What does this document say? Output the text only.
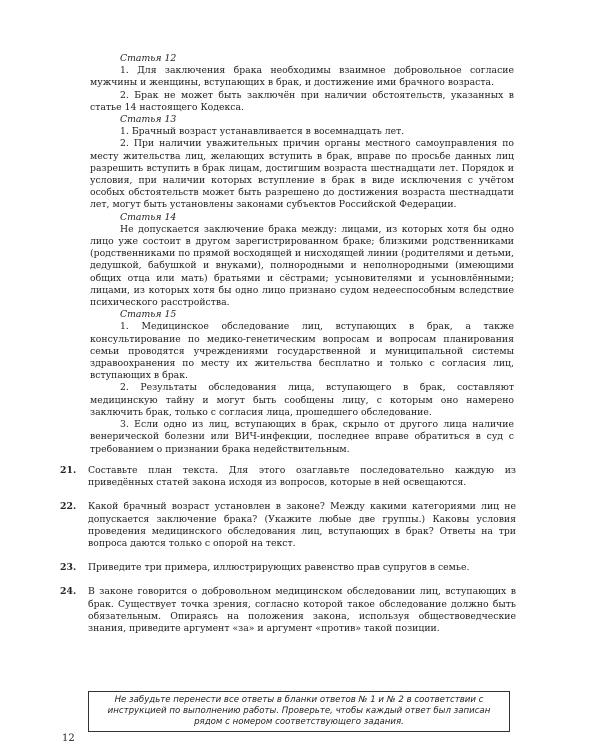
Статья 12
1. Для заключения брака необходимы взаимное добровольное согласие мужчины и женщины, вступающих в брак, и достижение ими брачного возраста.
2. Брак не может быть заключён при наличии обстоятельств, указанных в статье 14 настоящего Кодекса.
Статья 13
1. Брачный возраст устанавливается в восемнадцать лет.
2. При наличии уважительных причин органы местного самоуправления по месту жительства лиц, желающих вступить в брак, вправе по просьбе данных лиц разрешить вступить в брак лицам, достигшим возраста шестнадцати лет. Порядок и условия, при наличии которых вступление в брак в виде исключения с учётом особых обстоятельств может быть разрешено до достижения возраста шестнадцати лет, могут быть установлены законами субъектов Российской Федерации.
Статья 14
Не допускается заключение брака между: лицами, из которых хотя бы одно лицо уже состоит в другом зарегистрированном браке; близкими родственниками (родственниками по прямой восходящей и нисходящей линии (родителями и детьми, дедушкой, бабушкой и внуками), полнородными и неполнородными (имеющими общих отца или мать) братьями и сёстрами; усыновителями и усыновлёнными; лицами, из которых хотя бы одно лицо признано судом недееспособным вследствие психического расстройства.
Статья 15
1. Медицинское обследование лиц, вступающих в брак, а также консультирование по медико-генетическим вопросам и вопросам планирования семьи проводятся учреждениями государственной и муниципальной системы здравоохранения по месту их жительства бесплатно и только с согласия лиц, вступающих в брак.
2. Результаты обследования лица, вступающего в брак, составляют медицинскую тайну и могут быть сообщены лицу, с которым оно намерено заключить брак, только с согласия лица, прошедшего обследование.
3. Если одно из лиц, вступающих в брак, скрыло от другого лица наличие венерической болезни или ВИЧ-инфекции, последнее вправе обратиться в суд с требованием о признании брака недействительным.
21.	Составьте план текста. Для этого озаглавьте последовательно каждую из приведённых статей закона исходя из вопросов, которые в ней освещаются.
22.	Какой брачный возраст установлен в законе? Между какими категориями лиц не допускается заключение брака? (Укажите любые две группы.) Каковы условия проведения медицинского обследования лиц, вступающих в брак? Ответы на три вопроса даются только с опорой на текст.
23.	Приведите три примера, иллюстрирующих равенство прав супругов в семье.
24.	В законе говорится о добровольном медицинском обследовании лиц, вступающих в брак. Существует точка зрения, согласно которой такое обследование должно быть обязательным. Опираясь на положения закона, используя обществоведческие знания, приведите аргумент «за» и аргумент «против» такой позиции.
Не забудьте перенести все ответы в бланки ответов № 1 и № 2 в соответствии с инструкцией по выполнению работы. Проверьте, чтобы каждый ответ был записан рядом с номером соответствующего задания.
12
